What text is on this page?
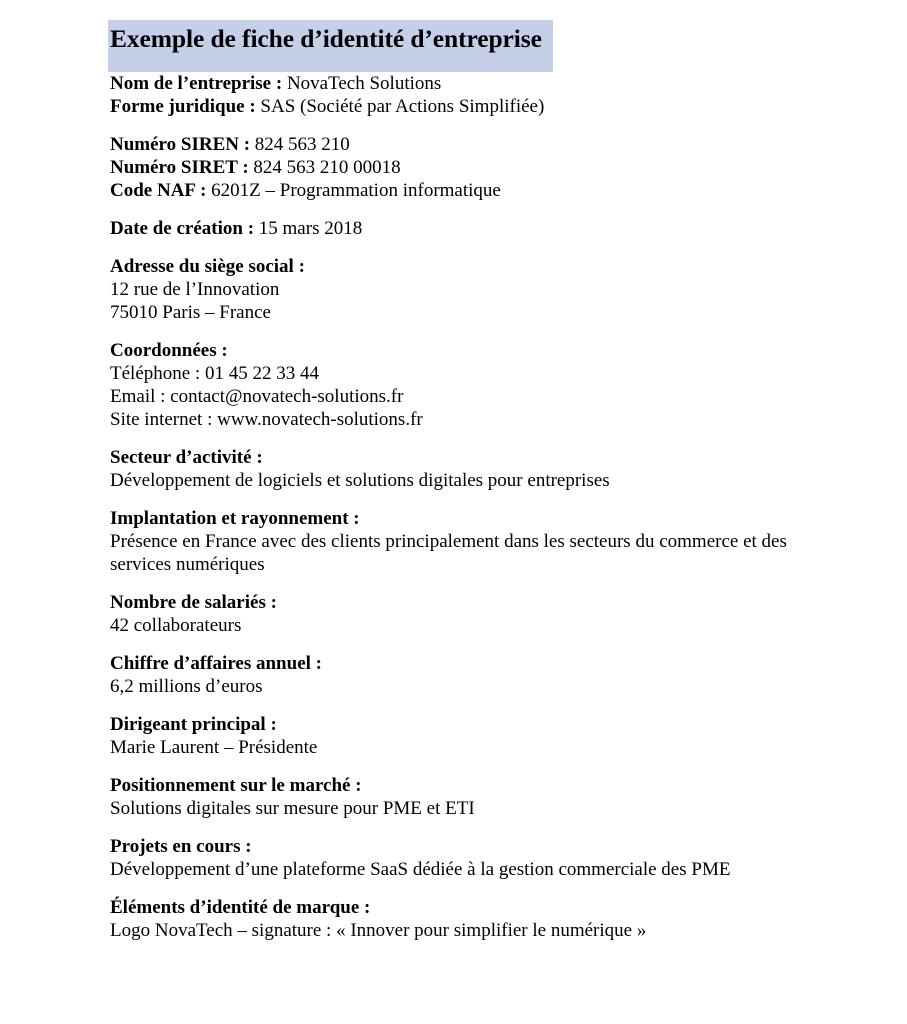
Exemple de fiche d’identité d’entreprise
Nom de l’entreprise : NovaTech Solutions
Forme juridique : SAS (Société par Actions Simplifiée)
Numéro SIREN : 824 563 210
Numéro SIRET : 824 563 210 00018
Code NAF : 6201Z – Programmation informatique
Date de création : 15 mars 2018
Adresse du siège social :
12 rue de l’Innovation
75010 Paris – France
Coordonnées :
Téléphone : 01 45 22 33 44
Email : contact@novatech-solutions.fr
Site internet : www.novatech-solutions.fr
Secteur d’activité :
Développement de logiciels et solutions digitales pour entreprises
Implantation et rayonnement :
Présence en France avec des clients principalement dans les secteurs du commerce et des services numériques
Nombre de salariés :
42 collaborateurs
Chiffre d’affaires annuel :
6,2 millions d’euros
Dirigeant principal :
Marie Laurent – Présidente
Positionnement sur le marché :
Solutions digitales sur mesure pour PME et ETI
Projets en cours :
Développement d’une plateforme SaaS dédiée à la gestion commerciale des PME
Éléments d’identité de marque :
Logo NovaTech – signature : « Innover pour simplifier le numérique »
